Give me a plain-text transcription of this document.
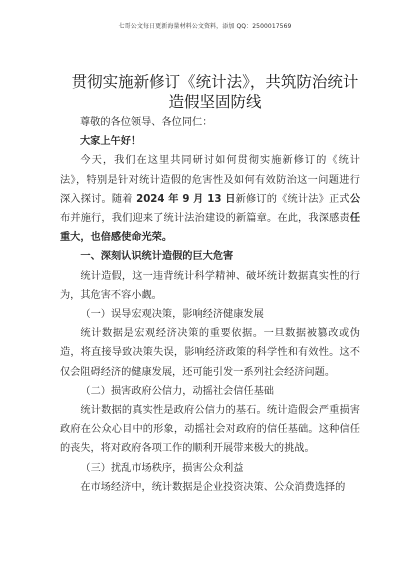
七哥公文每日更新海量材料公文资料，添加 QQ：2500017569
贯彻实施新修订《统计法》，共筑防治统计造假坚固防线

尊敬的各位领导、各位同仁：

大家上午好！

今天，我们在这里共同研讨如何贯彻实施新修订的《统计法》，特别是针对统计造假的危害性及如何有效防治这一问题进行深入探讨。随着 2024 年 9 月 13 日新修订的《统计法》正式公布并施行，我们迎来了统计法治建设的新篇章。在此，我深感责任重大，也倍感使命光荣。

一、深刻认识统计造假的巨大危害

统计造假，这一违背统计科学精神、破坏统计数据真实性的行为，其危害不容小觑。

（一）误导宏观决策，影响经济健康发展

统计数据是宏观经济决策的重要依据。一旦数据被篡改或伪造，将直接导致决策失误，影响经济政策的科学性和有效性。这不仅会阻碍经济的健康发展，还可能引发一系列社会经济问题。

（二）损害政府公信力，动摇社会信任基础

统计数据的真实性是政府公信力的基石。统计造假会严重损害政府在公众心目中的形象，动摇社会对政府的信任基础。这种信任的丧失，将对政府各项工作的顺利开展带来极大的挑战。

（三）扰乱市场秩序，损害公众利益

在市场经济中，统计数据是企业投资决策、公众消费选择的
